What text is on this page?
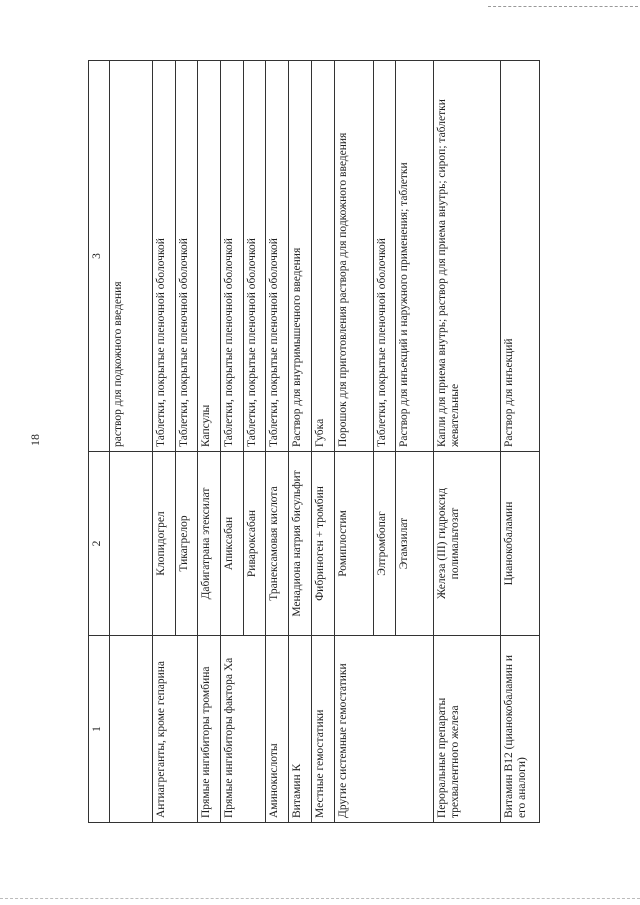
18
1	2	3
		раствор для подкожного введения
Антиагреганты, кроме гепарина	Клопидогрел	Таблетки, покрытые пленочной оболочкой
	Тикагрелор	Таблетки, покрытые пленочной оболочкой
Прямые ингибиторы тромбина	Дабигатрана этексилат	Капсулы
Прямые ингибиторы фактора Ха	Апиксабан	Таблетки, покрытые пленочной оболочкой
	Ривароксабан	Таблетки, покрытые пленочной оболочкой
Аминокислоты	Транексамовая кислота	Таблетки, покрытые пленочной оболочкой
Витамин К	Менадиона натрия бисульфит	Раствор для внутримышечного введения
Местные гемостатики	Фибриноген + тромбин	Губка
Другие системные гемостатики	Ромиплостим	Порошок для приготовления раствора для подкожного введения
	Элтромбопаг	Таблетки, покрытые пленочной оболочкой
	Этамзилат	Раствор для инъекций и наружного применения; таблетки
Пероральные препараты трехвалентного железа	Железа (III) гидроксид полимальтозат	Капли для приема внутрь; раствор для приема внутрь; сироп; таблетки жевательные
Витамин В12 (цианокобаламин и его аналоги)	Цианокобаламин	Раствор для инъекций
